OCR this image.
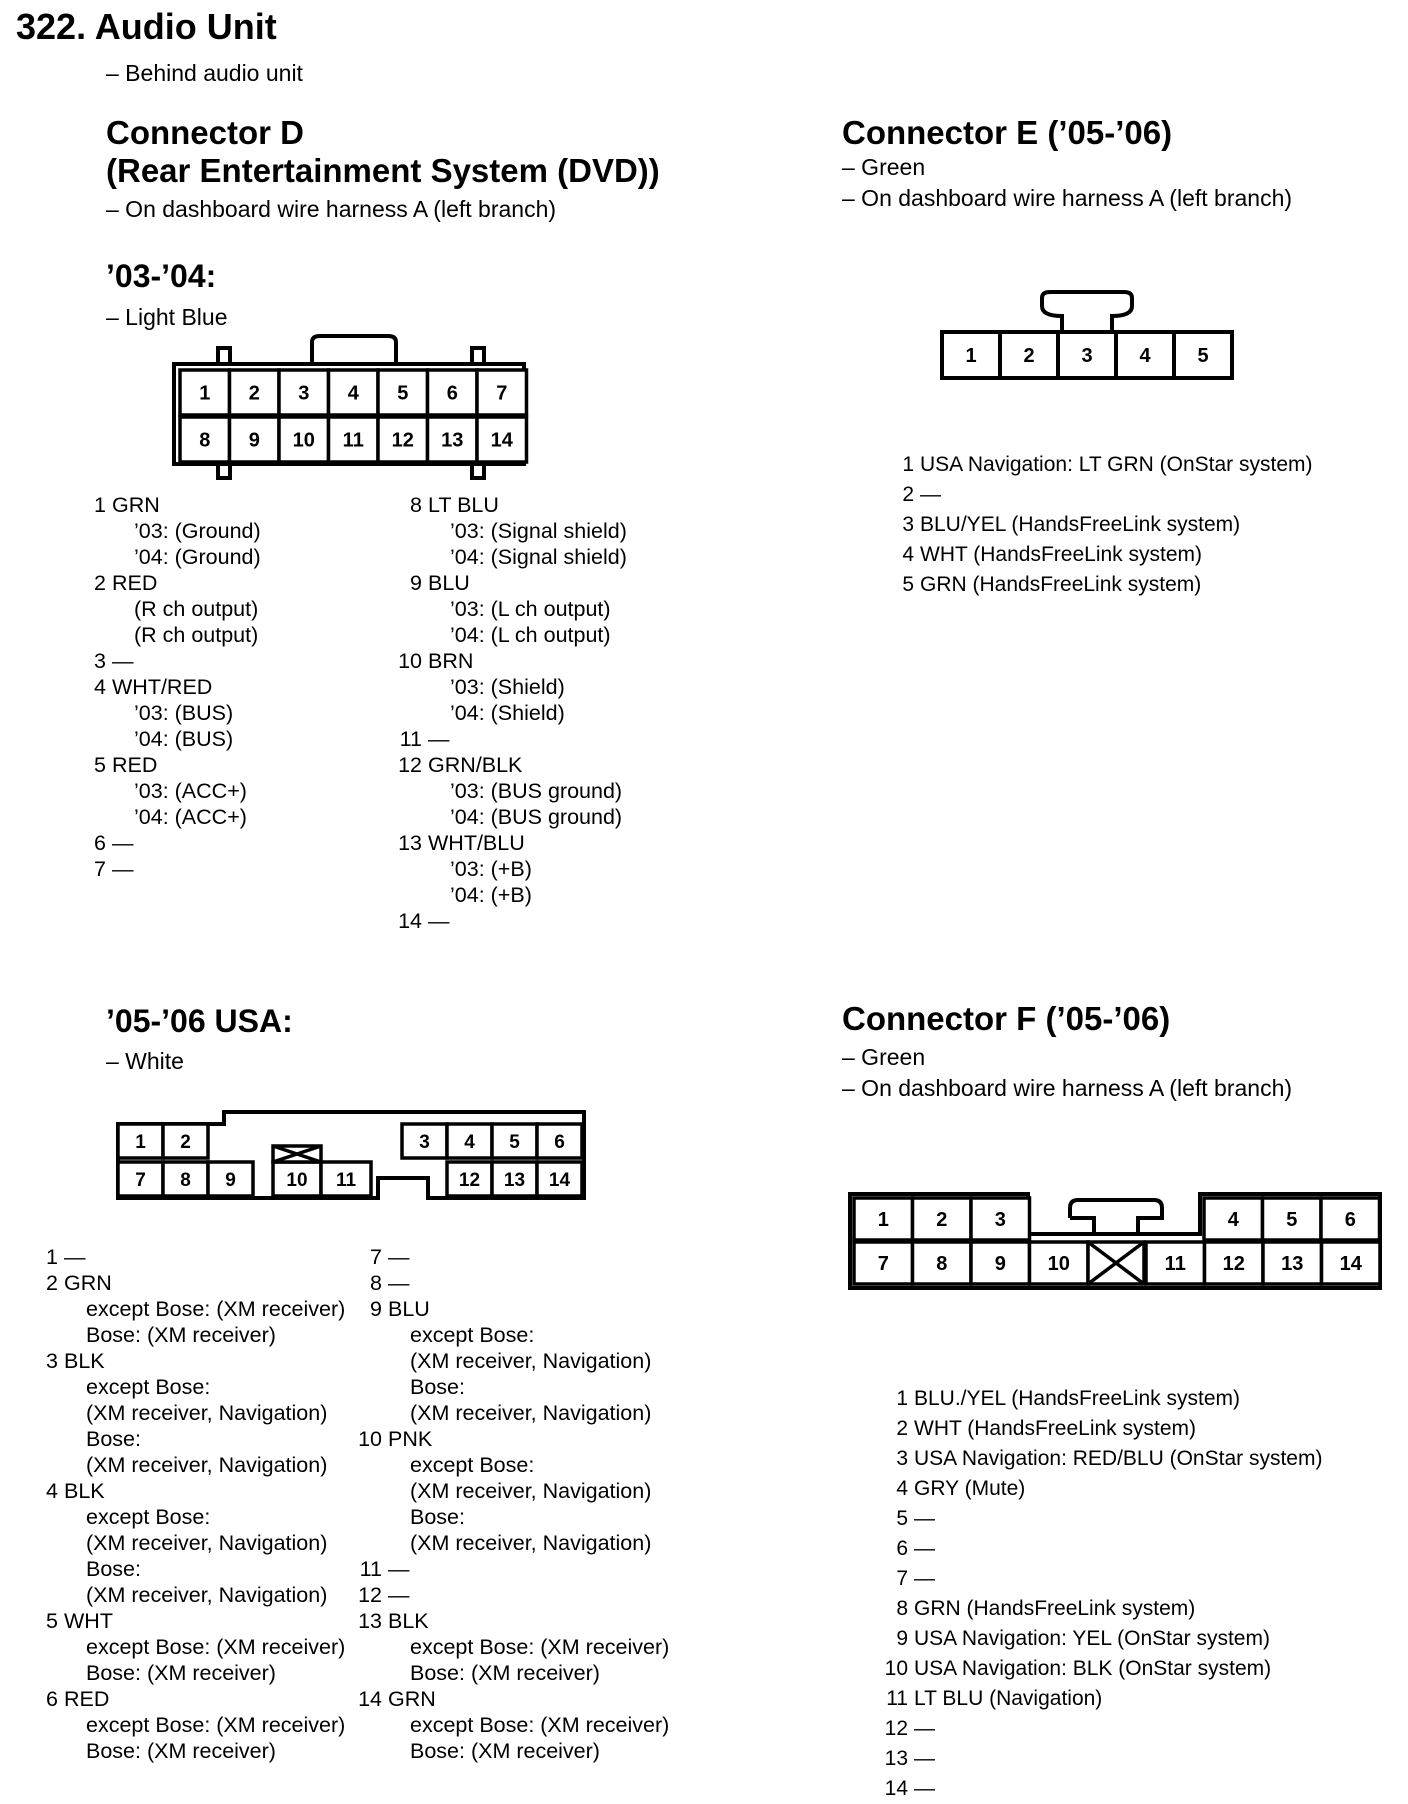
322. Audio Unit
– Behind audio unit
Connector D
(Rear Entertainment System (DVD))
– On dashboard wire harness A (left branch)
’03-’04:
– Light Blue
1 2 3 4 5 6 7
8 9 10 11 12 13 14
1 GRN
’03: (Ground)
’04: (Ground)
2 RED
(R ch output)
(R ch output)
3 —
4 WHT/RED
’03: (BUS)
’04: (BUS)
5 RED
’03: (ACC+)
’04: (ACC+)
6 —
7 —
8 LT BLU
’03: (Signal shield)
’04: (Signal shield)
9 BLU
’03: (L ch output)
’04: (L ch output)
10 BRN
’03: (Shield)
’04: (Shield)
11 —
12 GRN/BLK
’03: (BUS ground)
’04: (BUS ground)
13 WHT/BLU
’03: (+B)
’04: (+B)
14 —
’05-’06 USA:
– White
1 2
7 8 9	10 11
3 4 5 6
12 13 14
1 —
2 GRN
except Bose: (XM receiver)
Bose: (XM receiver)
3 BLK
except Bose:
(XM receiver, Navigation)
Bose:
(XM receiver, Navigation)
4 BLK
except Bose:
(XM receiver, Navigation)
Bose:
(XM receiver, Navigation)
5 WHT
except Bose: (XM receiver)
Bose: (XM receiver)
6 RED
except Bose: (XM receiver)
Bose: (XM receiver)
7 —
8 —
9 BLU
except Bose:
(XM receiver, Navigation)
Bose:
(XM receiver, Navigation)
10 PNK
except Bose:
(XM receiver, Navigation)
Bose:
(XM receiver, Navigation)
11 —
12 —
13 BLK
except Bose: (XM receiver)
Bose: (XM receiver)
14 GRN
except Bose: (XM receiver)
Bose: (XM receiver)
Connector E (’05-’06)
– Green
– On dashboard wire harness A (left branch)
1 2 3 4 5
1 USA Navigation: LT GRN (OnStar system)
2 —
3 BLU/YEL (HandsFreeLink system)
4 WHT (HandsFreeLink system)
5 GRN (HandsFreeLink system)
Connector F (’05-’06)
– Green
– On dashboard wire harness A (left branch)
1 2 3	4 5 6
7 8 9 10	11 12 13 14
1 BLU./YEL (HandsFreeLink system)
2 WHT (HandsFreeLink system)
3 USA Navigation: RED/BLU (OnStar system)
4 GRY (Mute)
5 —
6 —
7 —
8 GRN (HandsFreeLink system)
9 USA Navigation: YEL (OnStar system)
10 USA Navigation: BLK (OnStar system)
11 LT BLU (Navigation)
12 —
13 —
14 —
